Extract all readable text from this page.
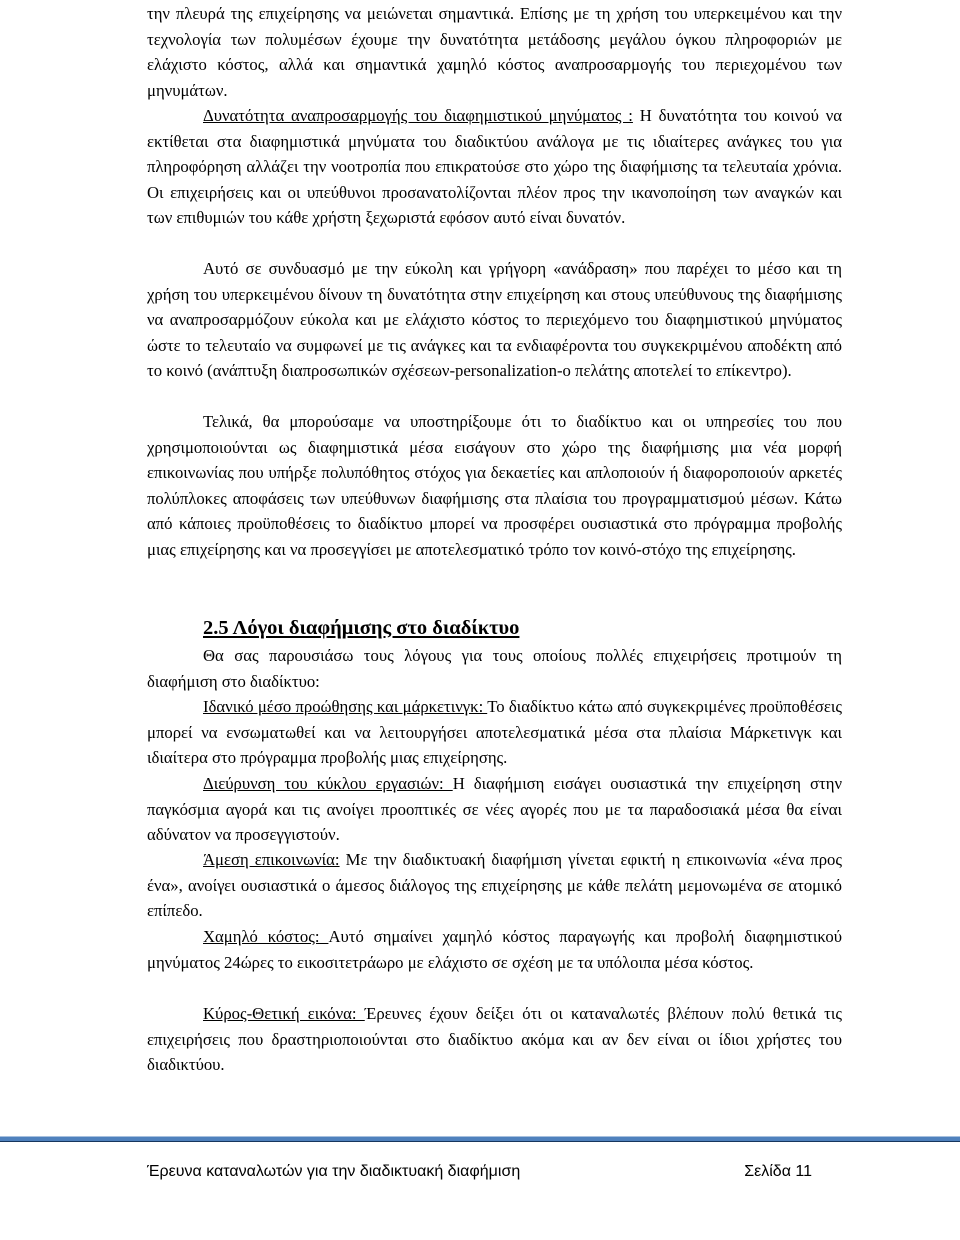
την πλευρά της επιχείρησης να μειώνεται σημαντικά. Επίσης με τη χρήση του υπερκειμένου και την τεχνολογία των πολυμέσων έχουμε την δυνατότητα μετάδοσης μεγάλου όγκου πληροφοριών με ελάχιστο κόστος, αλλά και σημαντικά χαμηλό κόστος αναπροσαρμογής του περιεχομένου των μηνυμάτων.

Δυνατότητα αναπροσαρμογής του διαφημιστικού μηνύματος : Η δυνατότητα του κοινού να εκτίθεται στα διαφημιστικά μηνύματα του διαδικτύου ανάλογα με τις ιδιαίτερες ανάγκες του για πληροφόρηση αλλάζει την νοοτροπία που επικρατούσε στο χώρο της διαφήμισης τα τελευταία χρόνια. Οι επιχειρήσεις και οι υπεύθυνοι προσανατολίζονται πλέον προς την ικανοποίηση των αναγκών και των επιθυμιών του κάθε χρήστη ξεχωριστά εφόσον αυτό είναι δυνατόν.

Αυτό σε συνδυασμό με την εύκολη και γρήγορη «ανάδραση» που παρέχει το μέσο και τη χρήση του υπερκειμένου δίνουν τη δυνατότητα στην επιχείρηση και στους υπεύθυνους της διαφήμισης να αναπροσαρμόζουν εύκολα και με ελάχιστο κόστος το περιεχόμενο του διαφημιστικού μηνύματος ώστε το τελευταίο να συμφωνεί με τις ανάγκες και τα ενδιαφέροντα του συγκεκριμένου αποδέκτη από το κοινό (ανάπτυξη διαπροσωπικών σχέσεων-personalization-ο πελάτης αποτελεί το επίκεντρο).

Τελικά, θα μπορούσαμε να υποστηρίξουμε ότι το διαδίκτυο και οι υπηρεσίες του που χρησιμοποιούνται ως διαφημιστικά μέσα εισάγουν στο χώρο της διαφήμισης μια νέα μορφή επικοινωνίας που υπήρξε πολυπόθητος στόχος για δεκαετίες και απλοποιούν ή διαφοροποιούν αρκετές πολύπλοκες αποφάσεις των υπεύθυνων διαφήμισης στα πλαίσια του προγραμματισμού μέσων. Κάτω από κάποιες προϋποθέσεις το διαδίκτυο μπορεί να προσφέρει ουσιαστικά στο πρόγραμμα προβολής μιας επιχείρησης και να προσεγγίσει με αποτελεσματικό τρόπο τον κοινό-στόχο της επιχείρησης.

2.5 Λόγοι διαφήμισης στο διαδίκτυο

Θα σας παρουσιάσω τους λόγους για τους οποίους πολλές επιχειρήσεις προτιμούν τη διαφήμιση στο διαδίκτυο:

Ιδανικό μέσο προώθησης και μάρκετινγκ: Το διαδίκτυο κάτω από συγκεκριμένες προϋποθέσεις μπορεί να ενσωματωθεί και να λειτουργήσει αποτελεσματικά μέσα στα πλαίσια Μάρκετινγκ και ιδιαίτερα στο πρόγραμμα προβολής μιας επιχείρησης.

Διεύρυνση του κύκλου εργασιών: Η διαφήμιση εισάγει ουσιαστικά την επιχείρηση στην παγκόσμια αγορά και τις ανοίγει προοπτικές σε νέες αγορές που με τα παραδοσιακά μέσα θα είναι αδύνατον να προσεγγιστούν.

Άμεση επικοινωνία: Με την διαδικτυακή διαφήμιση γίνεται εφικτή η επικοινωνία «ένα προς ένα», ανοίγει ουσιαστικά ο άμεσος διάλογος της επιχείρησης με κάθε πελάτη μεμονωμένα σε ατομικό επίπεδο.

Χαμηλό κόστος: Αυτό σημαίνει χαμηλό κόστος παραγωγής και προβολή διαφημιστικού μηνύματος 24ώρες το εικοσιτετράωρο με ελάχιστο σε σχέση με τα υπόλοιπα μέσα κόστος.

Κύρος-Θετική εικόνα: Έρευνες έχουν δείξει ότι οι καταναλωτές βλέπουν πολύ θετικά τις επιχειρήσεις που δραστηριοποιούνται στο διαδίκτυο ακόμα και αν δεν είναι οι ίδιοι χρήστες του διαδικτύου.

Έρευνα καταναλωτών για την διαδικτυακή διαφήμιση	Σελίδα 11
